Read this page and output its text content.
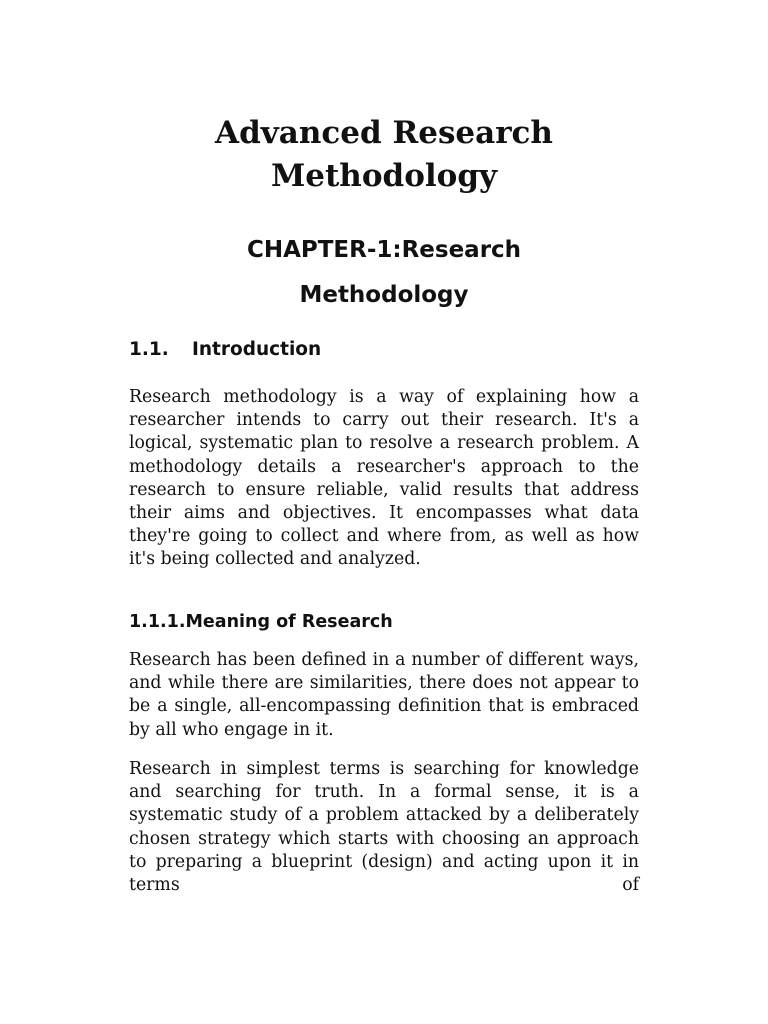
Advanced Research
Methodology
CHAPTER-1:Research
Methodology
1.1. Introduction

Research methodology is a way of explaining how a researcher intends to carry out their research. It's a logical, systematic plan to resolve a research problem. A methodology details a researcher's approach to the research to ensure reliable, valid results that address their aims and objectives. It encompasses what data they're going to collect and where from, as well as how it's being collected and analyzed.

1.1.1.Meaning of Research

Research has been defined in a number of different ways, and while there are similarities, there does not appear to be a single, all-encompassing definition that is embraced by all who engage in it.

Research in simplest terms is searching for knowledge and searching for truth. In a formal sense, it is a systematic study of a problem attacked by a deliberately chosen strategy which starts with choosing an approach to preparing a blueprint (design) and acting upon it in terms of
